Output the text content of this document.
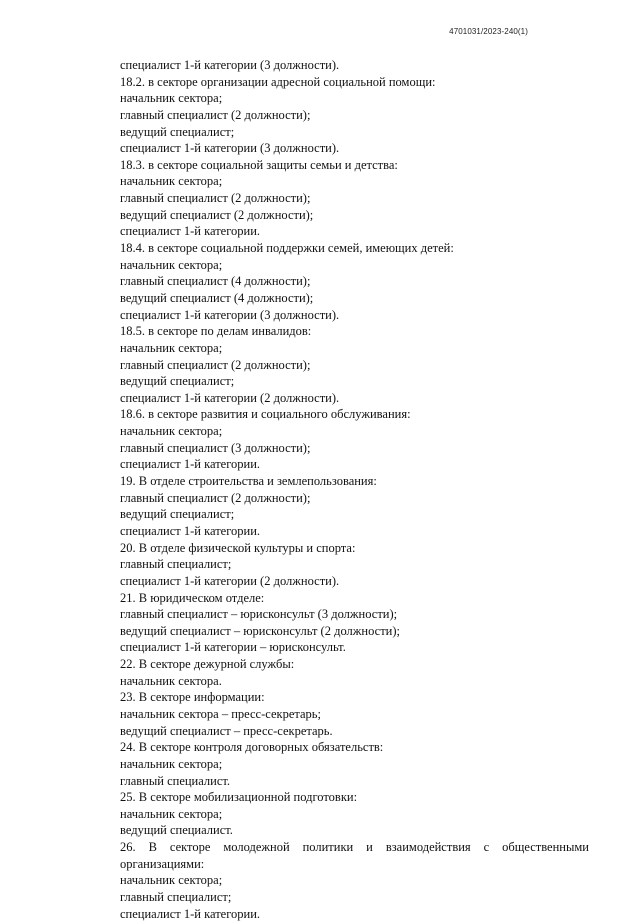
4701031/2023-240(1)
специалист 1-й категории (3 должности).
18.2. в секторе организации адресной социальной помощи:
начальник сектора;
главный специалист (2 должности);
ведущий специалист;
специалист 1-й категории (3 должности).
18.3. в секторе социальной защиты семьи и детства:
начальник сектора;
главный специалист (2 должности);
ведущий специалист (2 должности);
специалист 1-й категории.
18.4. в секторе социальной поддержки семей, имеющих детей:
начальник сектора;
главный специалист (4 должности);
ведущий специалист (4 должности);
специалист 1-й категории (3 должности).
18.5. в секторе по делам инвалидов:
начальник сектора;
главный специалист (2 должности);
ведущий специалист;
специалист 1-й категории (2 должности).
18.6. в секторе развития и социального обслуживания:
начальник сектора;
главный специалист (3 должности);
специалист 1-й категории.
19. В отделе строительства и землепользования:
главный специалист (2 должности);
ведущий специалист;
специалист 1-й категории.
20. В отделе физической культуры и спорта:
главный специалист;
специалист 1-й категории (2 должности).
21. В юридическом отделе:
главный специалист – юрисконсульт (3 должности);
ведущий специалист – юрисконсульт (2 должности);
специалист 1-й категории – юрисконсульт.
22. В секторе дежурной службы:
начальник сектора.
23. В секторе информации:
начальник сектора – пресс-секретарь;
ведущий специалист – пресс-секретарь.
24. В секторе контроля договорных обязательств:
начальник сектора;
главный специалист.
25. В секторе мобилизационной подготовки:
начальник сектора;
ведущий специалист.
26. В секторе молодежной политики и взаимодействия с общественными
организациями:
начальник сектора;
главный специалист;
специалист 1-й категории.
